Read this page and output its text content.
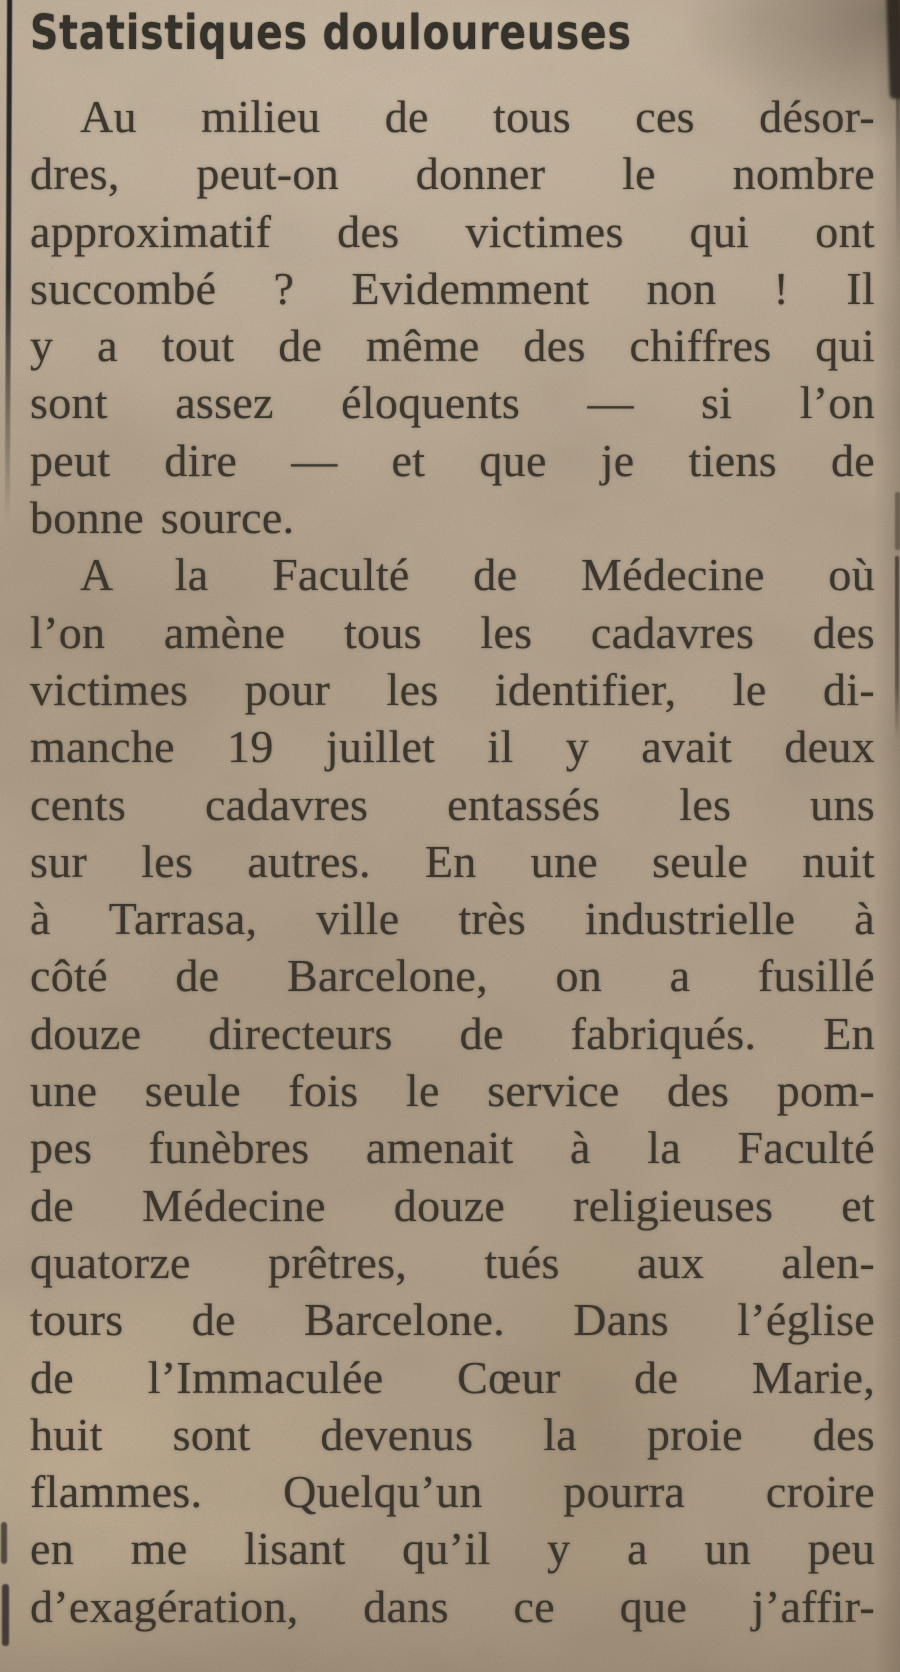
Statistiques douloureuses
Au milieu de tous ces désor-
dres, peut-on donner le nombre
approximatif des victimes qui ont
succombé ? Evidemment non ! Il
y a tout de même des chiffres qui
sont assez éloquents — si l’on
peut dire — et que je tiens de
bonne source.
A la Faculté de Médecine où
l’on amène tous les cadavres des
victimes pour les identifier, le di-
manche 19 juillet il y avait deux
cents cadavres entassés les uns
sur les autres. En une seule nuit
à Tarrasa, ville très industrielle à
côté de Barcelone, on a fusillé
douze directeurs de fabriqués. En
une seule fois le service des pom-
pes funèbres amenait à la Faculté
de Médecine douze religieuses et
quatorze prêtres, tués aux alen-
tours de Barcelone. Dans l’église
de l’Immaculée Cœur de Marie,
huit sont devenus la proie des
flammes. Quelqu’un pourra croire
en me lisant qu’il y a un peu
d’exagération, dans ce que j’affir-
